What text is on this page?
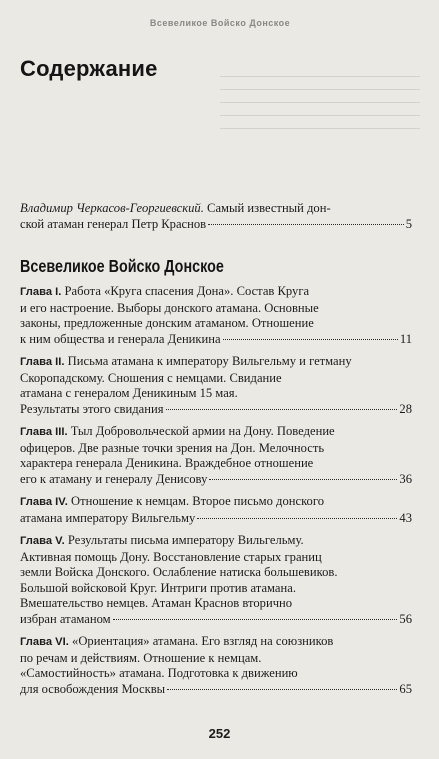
Всевеликое Войско Донское
Содержание
Владимир Черкасов-Георгиевский. Самый известный дон-
ской атаман генерал Петр Краснов	5
Всевеликое Войско Донское
Глава I. Работа «Круга спасения Дона». Состав Круга
и его настроение. Выборы донского атамана. Основные
законы, предложенные донским атаманом. Отношение
к ним общества и генерала Деникина	11
Глава II. Письма атамана к императору Вильгельму и гетману
Скоропадскому. Сношения с немцами. Свидание
атамана с генералом Деникиным 15 мая.
Результаты этого свидания	28
Глава III. Тыл Добровольческой армии на Дону. Поведение
офицеров. Две разные точки зрения на Дон. Мелочность
характера генерала Деникина. Враждебное отношение
его к атаману и генералу Денисову	36
Глава IV. Отношение к немцам. Второе письмо донского
атамана императору Вильгельму	43
Глава V. Результаты письма императору Вильгельму.
Активная помощь Дону. Восстановление старых границ
земли Войска Донского. Ослабление натиска большевиков.
Большой войсковой Круг. Интриги против атамана.
Вмешательство немцев. Атаман Краснов вторично
избран атаманом	56
Глава VI. «Ориентация» атамана. Его взгляд на союзников
по речам и действиям. Отношение к немцам.
«Самостийность» атамана. Подготовка к движению
для освобождения Москвы	65
252
